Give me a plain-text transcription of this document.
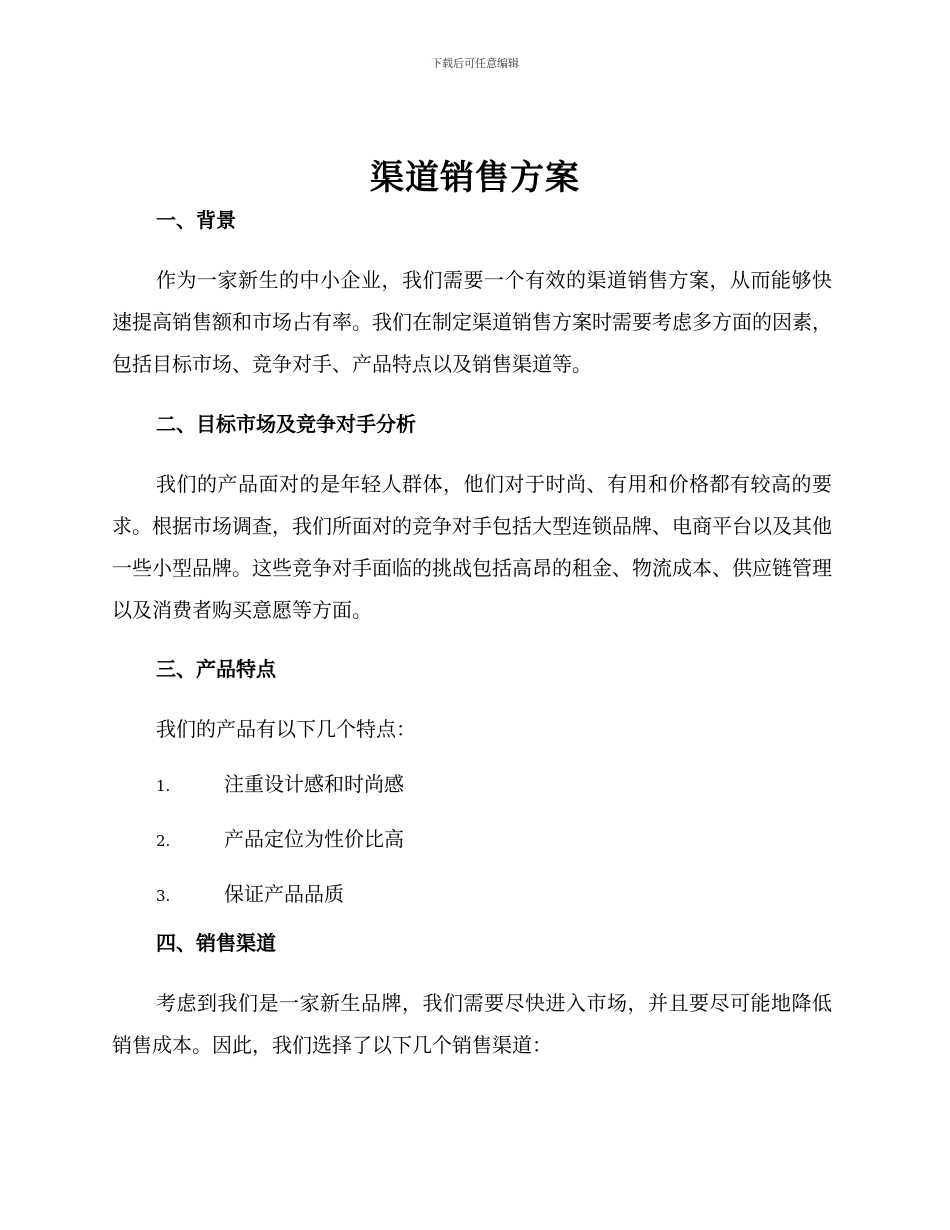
下载后可任意编辑
渠道销售方案
一、背景

作为一家新生的中小企业，我们需要一个有效的渠道销售方案，从而能够快速提高销售额和市场占有率。我们在制定渠道销售方案时需要考虑多方面的因素，包括目标市场、竞争对手、产品特点以及销售渠道等。

二、目标市场及竞争对手分析

我们的产品面对的是年轻人群体，他们对于时尚、有用和价格都有较高的要求。根据市场调查，我们所面对的竞争对手包括大型连锁品牌、电商平台以及其他一些小型品牌。这些竞争对手面临的挑战包括高昂的租金、物流成本、供应链管理以及消费者购买意愿等方面。

三、产品特点

我们的产品有以下几个特点：

1.	注重设计感和时尚感
2.	产品定位为性价比高
3.	保证产品品质
四、销售渠道

考虑到我们是一家新生品牌，我们需要尽快进入市场，并且要尽可能地降低销售成本。因此，我们选择了以下几个销售渠道：
